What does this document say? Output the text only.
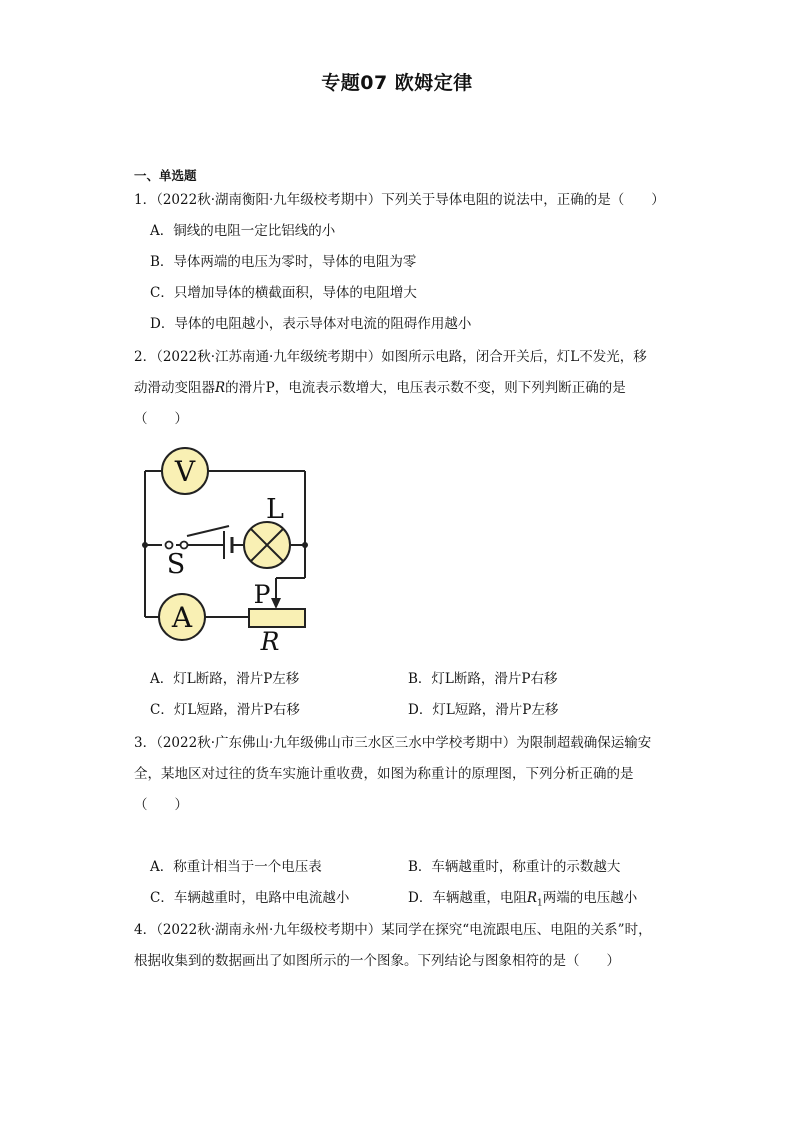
专题07 欧姆定律
一、单选题
1．（2022秋·湖南衡阳·九年级校考期中）下列关于导体电阻的说法中，正确的是（　　）
A．铜线的电阻一定比铝线的小
B．导体两端的电压为零时，导体的电阻为零
C．只增加导体的横截面积，导体的电阻增大
D．导体的电阻越小，表示导体对电流的阻碍作用越小
2．（2022秋·江苏南通·九年级统考期中）如图所示电路，闭合开关后，灯L不发光，移
动滑动变阻器R的滑片P，电流表示数增大，电压表示数不变，则下列判断正确的是
（　　）
V
A
L
S
P
R
A．灯L断路，滑片P左移	B．灯L断路，滑片P右移
C．灯L短路，滑片P右移	D．灯L短路，滑片P左移
3．（2022秋·广东佛山·九年级佛山市三水区三水中学校考期中）为限制超载确保运输安
全，某地区对过往的货车实施计重收费，如图为称重计的原理图，下列分析正确的是
（　　）
A．称重计相当于一个电压表	B．车辆越重时，称重计的示数越大
C．车辆越重时，电路中电流越小	D．车辆越重，电阻$R_1$两端的电压越小
4．（2022秋·湖南永州·九年级校考期中）某同学在探究“电流跟电压、电阻的关系”时，
根据收集到的数据画出了如图所示的一个图象。下列结论与图象相符的是（　　）
